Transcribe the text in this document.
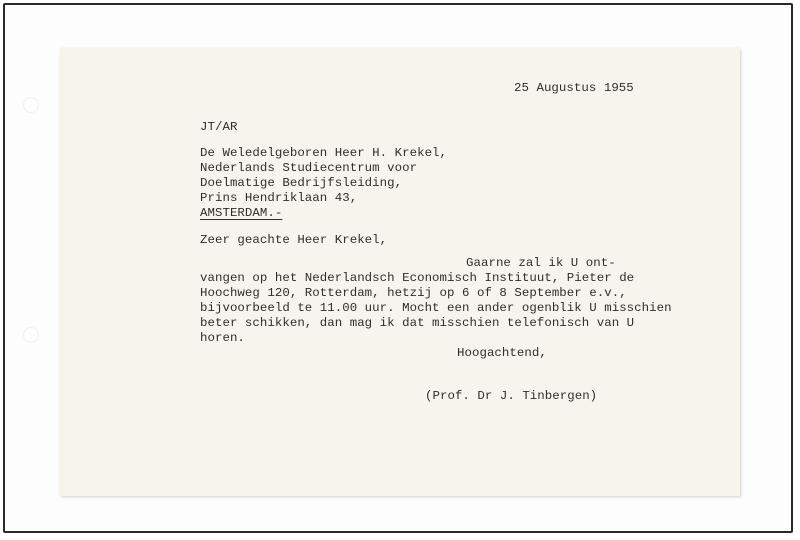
25 Augustus 1955
JT/AR
De Weledelgeboren Heer H. Krekel,
Nederlands Studiecentrum voor
Doelmatige Bedrijfsleiding,
Prins Hendriklaan 43,
AMSTERDAM.-
Zeer geachte Heer Krekel,
Gaarne zal ik U ont-
vangen op het Nederlandsch Economisch Instituut, Pieter de
Hoochweg 120, Rotterdam, hetzij op 6 of 8 September e.v.,
bijvoorbeeld te 11.00 uur. Mocht een ander ogenblik U misschien
beter schikken, dan mag ik dat misschien telefonisch van U
horen.
Hoogachtend,
(Prof. Dr J. Tinbergen)
